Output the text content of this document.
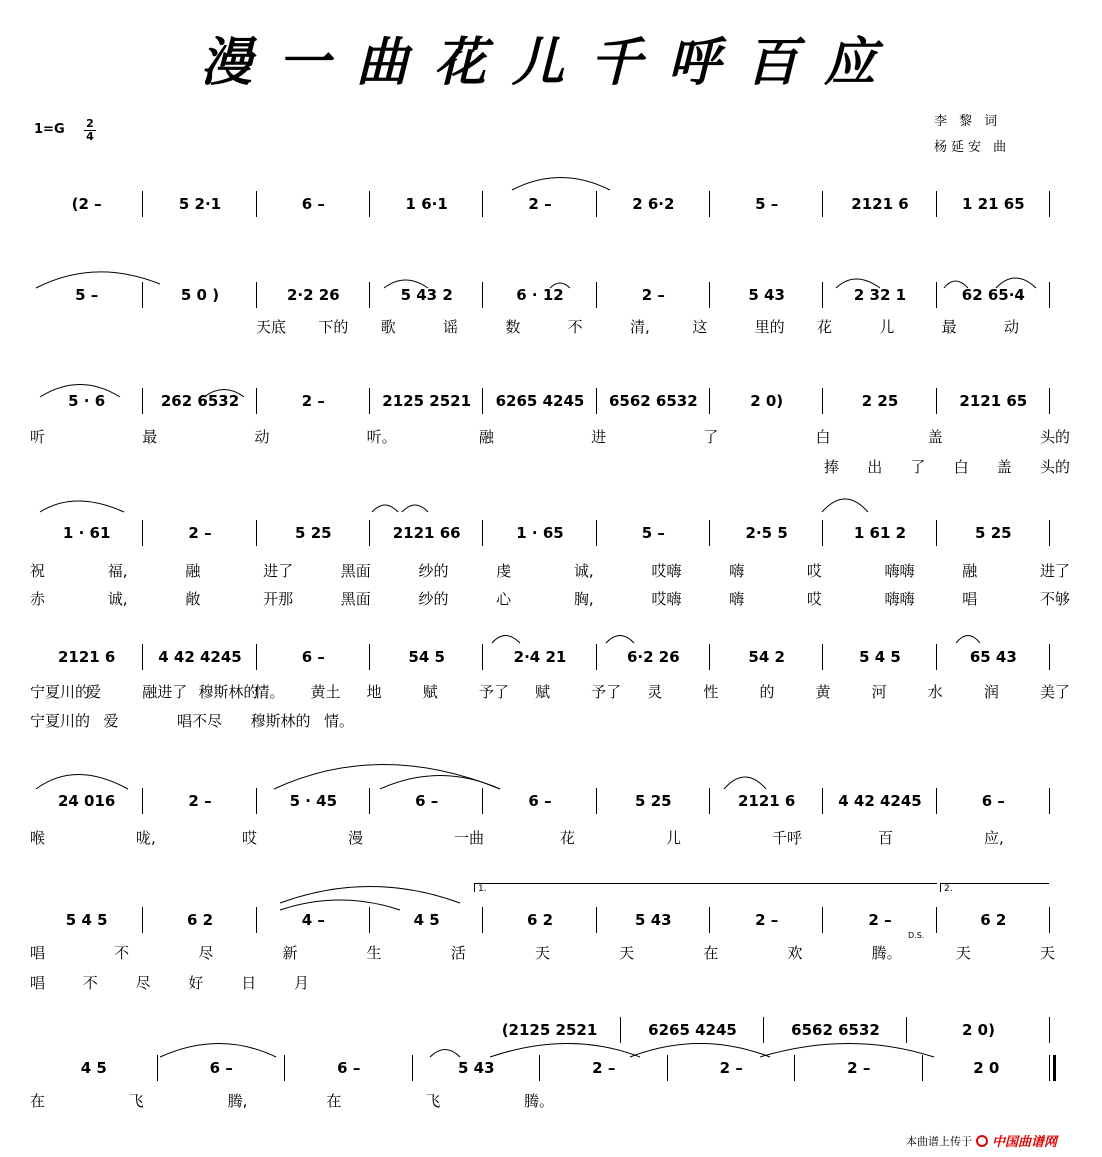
漫一曲花儿千呼百应
$1=G \frac{2}{4}$	李 黎 词
杨延安 曲
(2 –	5 2·1	6 –	1 6·1	2 –	2 6·2	5 –	2121 6	1 21 65
5 –	5 0 )	2·2 26	5 43 2	6 · 12	2 –	5 43	2 32 1	62 65·4
5 · 6	262 6532	2 –	2125 2521	6265 4245	6562 6532	2 0)	2 25	2121 65
1 · 61	2 –	5 25	2121 66	1 · 65	5 –	2·5 5	1 61 2	5 25
2121 6	4 42 4245	6 –	54 5	2·4 21	6·2 26	54 2	5 4 5	65 43
24 016	2 –	5 · 45	6 –	6 –	5 25	2121 6	4 42 4245	6 –
5 4 5	6 2	4 –	4 5	6 2	5 43	2 –	2 –	6 2
(2125 2521	6265 4245	6562 6532	2 0)
4 5	6 –	6 –	5 43	2 –	2 –	2 –	2 0
1.	2.
D.S.
天底 下的 歌	谣	数	不	清,	这	里的 花	儿	最	动
听	最	动	听。	融	进	了	白	盖	头的
捧 出 了 白 盖 头的
祝	福,	融	进了	黑面	纱的	虔	诚,	哎嗨	嗨	哎	嗨嗨	融	进了
赤	诚,	敞	开那	黑面	纱的	心	胸,	哎嗨	嗨	哎	嗨嗨	唱	不够
宁夏川的
爱	融进了 穆斯林的
情。 黄土 地	赋	予了 赋	予了 灵	性	的	黄	河	水	润	美了
宁夏川的 爱	唱不尽 穆斯林的 情。
喉	咙,	哎	漫	一曲	花	儿	千呼	百	应,
唱	不	尽	新	生	活	天	天	在	欢	腾。	天	天
唱	不	尽	好	日	月
在	飞	腾,	在	飞	腾。
本曲谱上传于 中国曲谱网
